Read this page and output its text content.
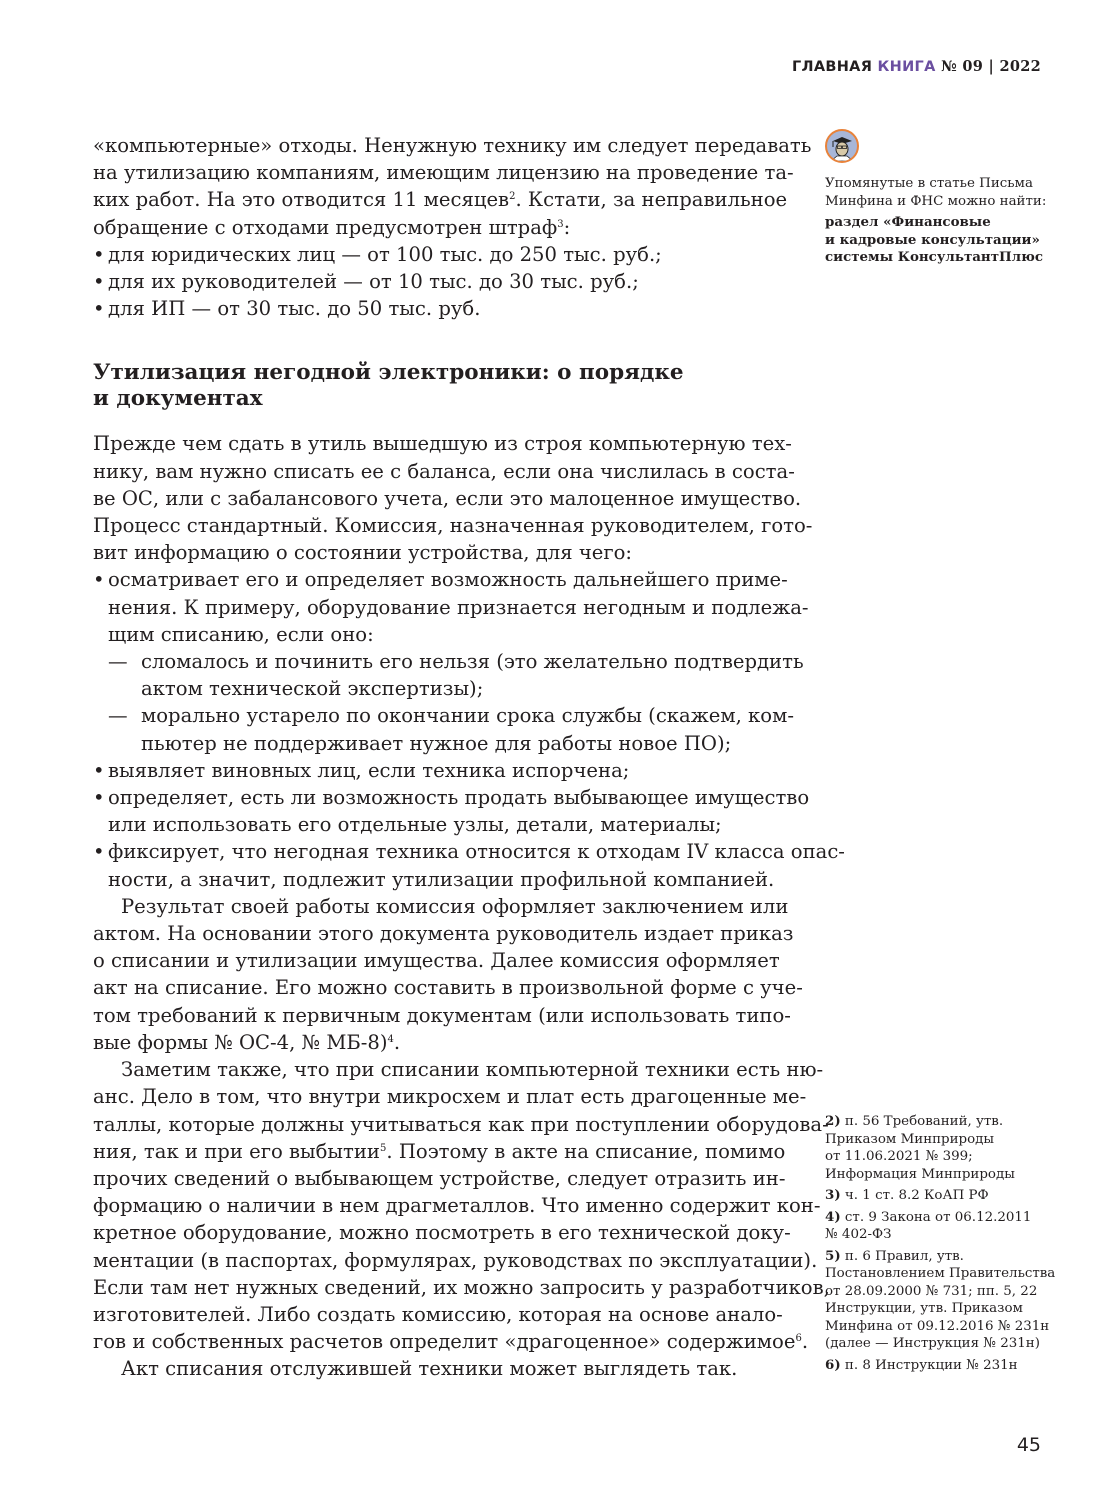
ГЛАВНАЯ КНИГА № 09 | 2022
Упомянутые в статье Письма
Минфина и ФНС можно найти:
раздел «Финансовые
и кадровые консультации»
системы КонсультантПлюс
«компьютерные» отходы. Ненужную технику им следует передавать
на утилизацию компаниям, имеющим лицензию на проведение та-
ких работ. На это отводится 11 месяцев$^2$. Кстати, за неправильное
обращение с отходами предусмотрен штраф$^3$:
• для юридических лиц — от 100 тыс. до 250 тыс. руб.;
• для их руководителей — от 10 тыс. до 30 тыс. руб.;
• для ИП — от 30 тыс. до 50 тыс. руб.
Утилизация негодной электроники: о порядке
и документах
Прежде чем сдать в утиль вышедшую из строя компьютерную тех-
нику, вам нужно списать ее с баланса, если она числилась в соста-
ве ОС, или с забалансового учета, если это малоценное имущество.
Процесс стандартный. Комиссия, назначенная руководителем, гото-
вит информацию о состоянии устройства, для чего:
• осматривает его и определяет возможность дальнейшего приме-
нения. К примеру, оборудование признается негодным и подлежа-
щим списанию, если оно:
— сломалось и починить его нельзя (это желательно подтвердить
актом технической экспертизы);
— морально устарело по окончании срока службы (скажем, ком-
пьютер не поддерживает нужное для работы новое ПО);
• выявляет виновных лиц, если техника испорчена;
• определяет, есть ли возможность продать выбывающее имущество
или использовать его отдельные узлы, детали, материалы;
• фиксирует, что негодная техника относится к отходам IV класса опас-
ности, а значит, подлежит утилизации профильной компанией.
Результат своей работы комиссия оформляет заключением или
актом. На основании этого документа руководитель издает приказ
о списании и утилизации имущества. Далее комиссия оформляет
акт на списание. Его можно составить в произвольной форме с уче-
том требований к первичным документам (или использовать типо-
вые формы № ОС-4, № МБ-8)$^4$.
Заметим также, что при списании компьютерной техники есть ню-
анс. Дело в том, что внутри микросхем и плат есть драгоценные ме-
таллы, которые должны учитываться как при поступлении оборудова-
ния, так и при его выбытии$^5$. Поэтому в акте на списание, помимо
прочих сведений о выбывающем устройстве, следует отразить ин-
формацию о наличии в нем драгметаллов. Что именно содержит кон-
кретное оборудование, можно посмотреть в его технической доку-
ментации (в паспортах, формулярах, руководствах по эксплуатации).
Если там нет нужных сведений, их можно запросить у разработчиков,
изготовителей. Либо создать комиссию, которая на основе анало-
гов и собственных расчетов определит «драгоценное» содержимое$^6$.
Акт списания отслужившей техники может выглядеть так.
2) п. 56 Требований, утв.
Приказом Минприроды
от 11.06.2021 № 399;
Информация Минприроды
3) ч. 1 ст. 8.2 КоАП РФ
4) ст. 9 Закона от 06.12.2011
№ 402-ФЗ
5) п. 6 Правил, утв.
Постановлением Правительства
от 28.09.2000 № 731; пп. 5, 22
Инструкции, утв. Приказом
Минфина от 09.12.2016 № 231н
(далее — Инструкция № 231н)
6) п. 8 Инструкции № 231н
45
